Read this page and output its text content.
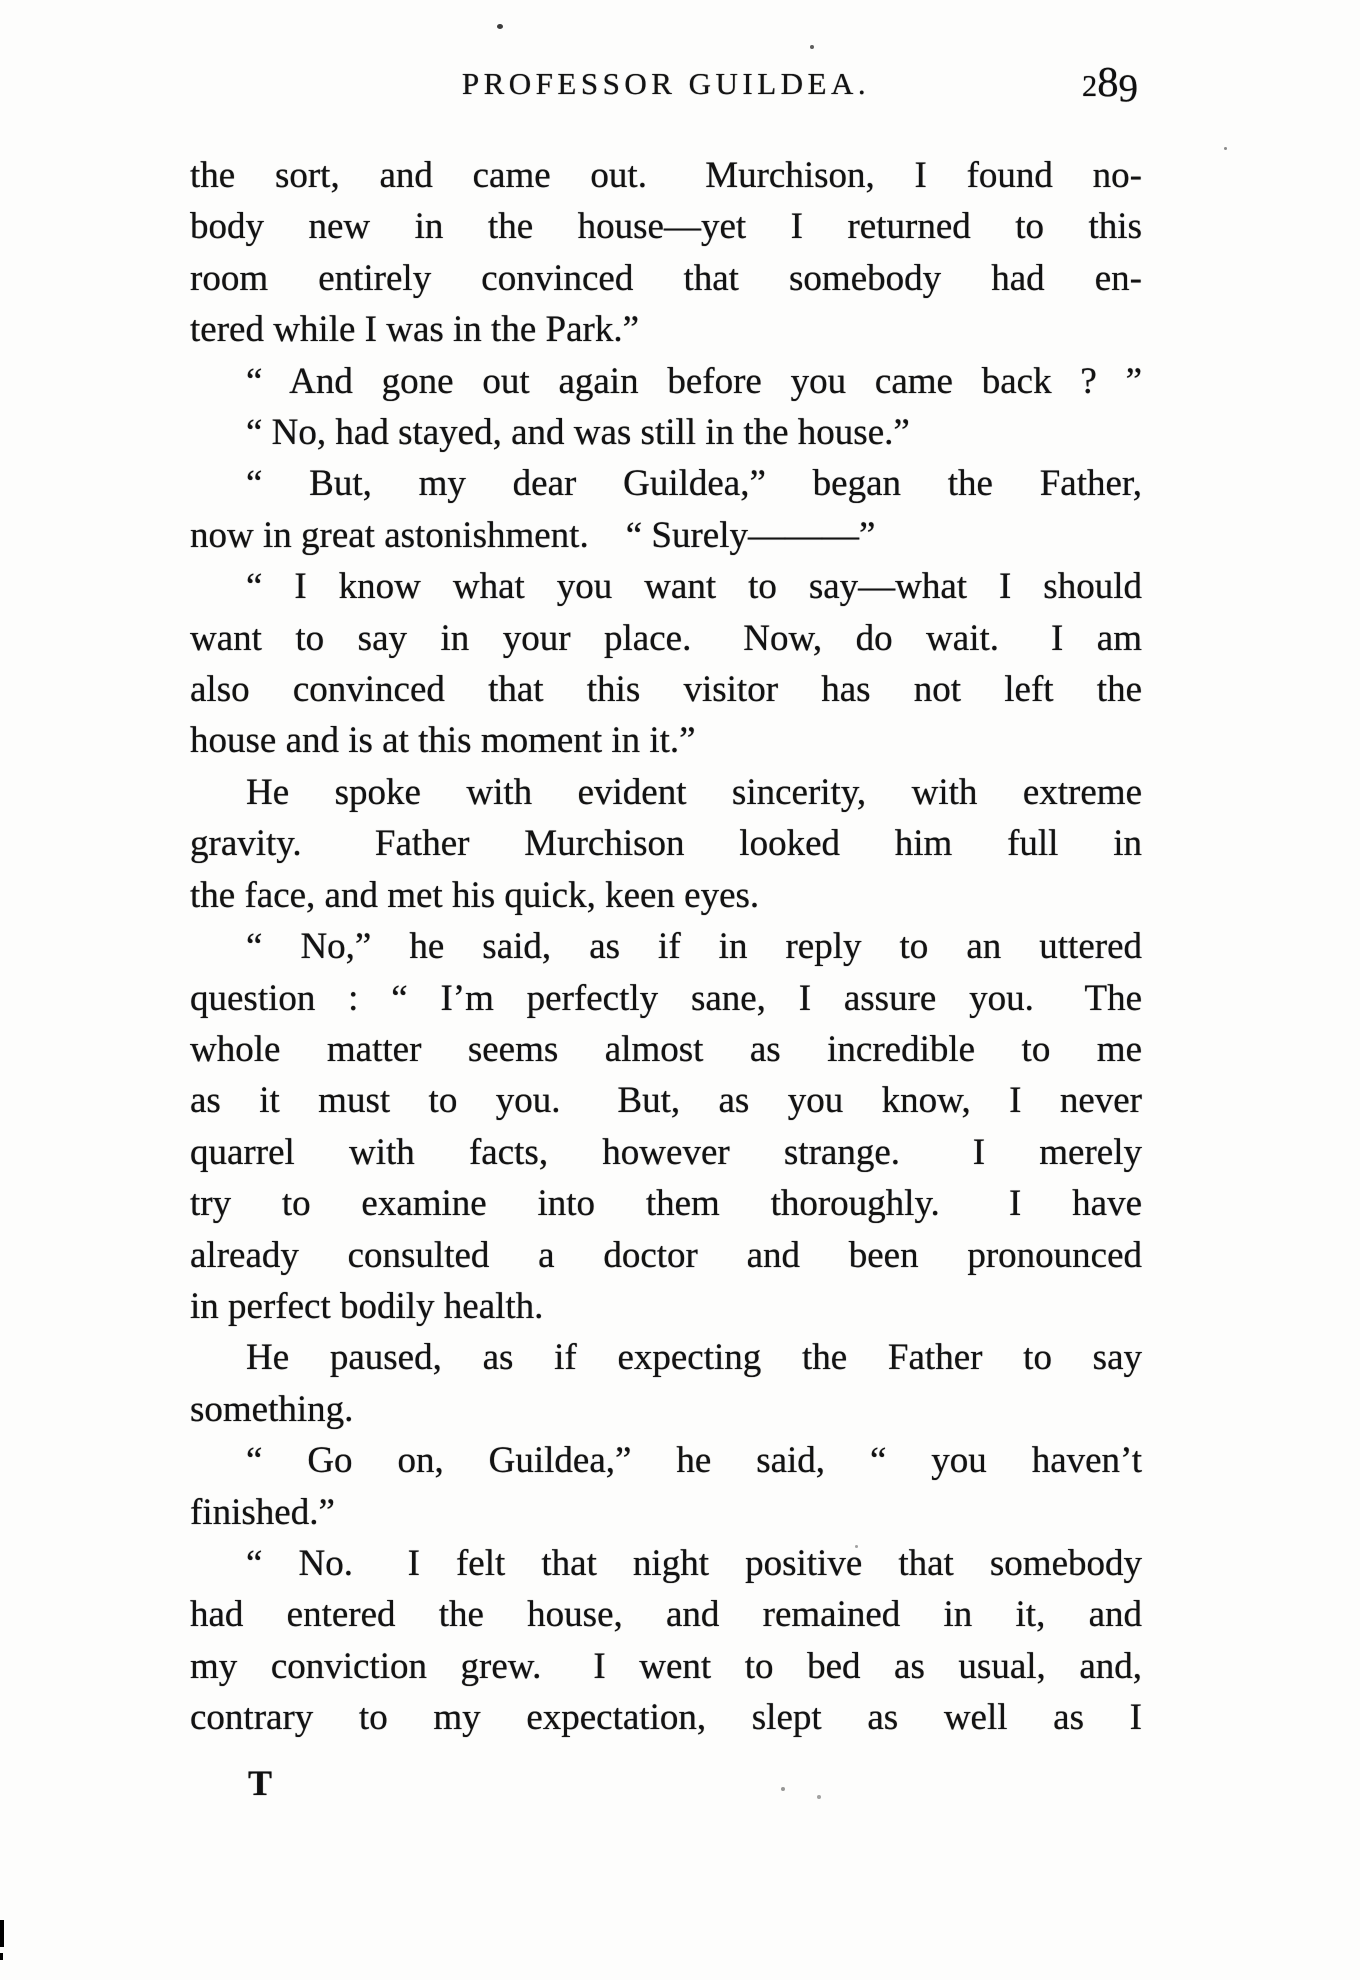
PROFESSOR GUILDEA.	289
the sort, and came out.  Murchison, I found no-
body new in the house—yet I returned to this
room entirely convinced that somebody had en-
tered while I was in the Park.”
“ And gone out again before you came back ? ”
“ No, had stayed, and was still in the house.”
“ But, my dear Guildea,” began the Father,
now in great astonishment.  “ Surely———”
“ I know what you want to say—what I should
want to say in your place.  Now, do wait.  I am
also convinced that this visitor has not left the
house and is at this moment in it.”
He spoke with evident sincerity, with extreme
gravity.  Father Murchison looked him full in
the face, and met his quick, keen eyes.
“ No,” he said, as if in reply to an uttered
question : “ I’m perfectly sane, I assure you.  The
whole matter seems almost as incredible to me
as it must to you.  But, as you know, I never
quarrel with facts, however strange.  I merely
try to examine into them thoroughly.  I have
already consulted a doctor and been pronounced
in perfect bodily health.
He paused, as if expecting the Father to say
something.
“ Go on, Guildea,” he said, “ you haven’t
finished.”
“ No.  I felt that night positive that somebody
had entered the house, and remained in it, and
my conviction grew.  I went to bed as usual, and,
contrary to my expectation, slept as well as I
T
